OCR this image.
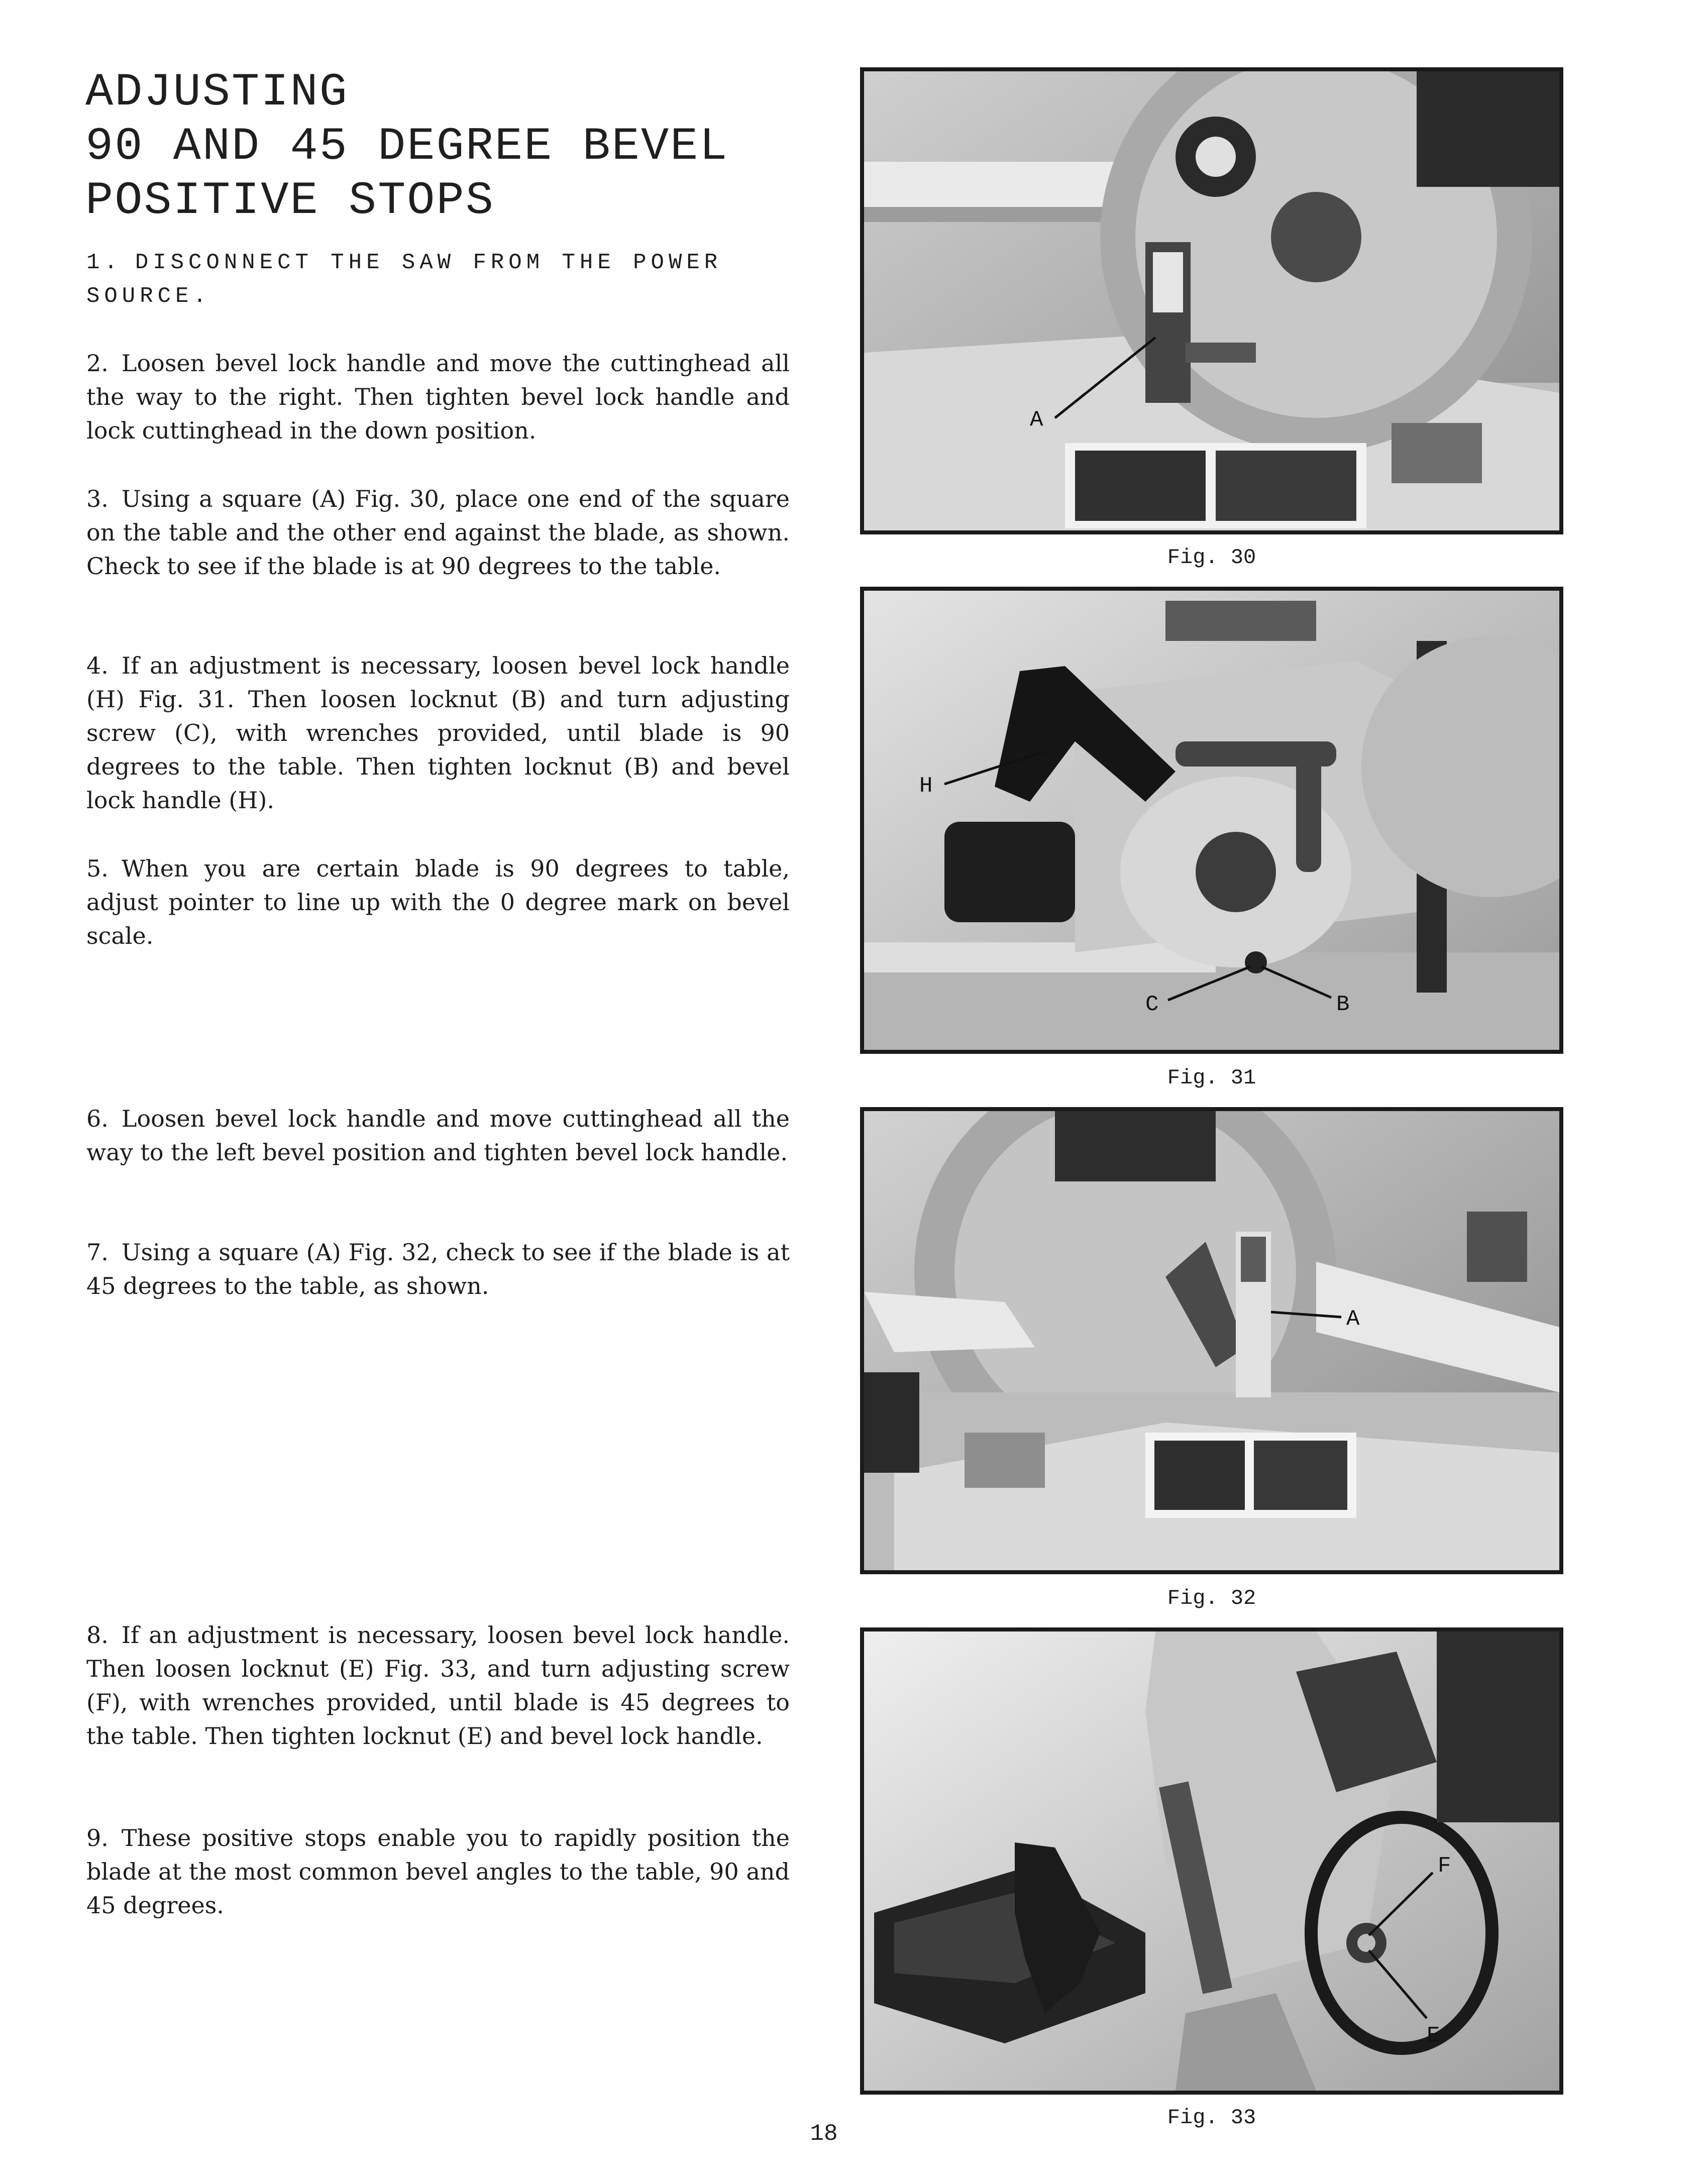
ADJUSTING
90 AND 45 DEGREE BEVEL
POSITIVE STOPS

1. DISCONNECT THE SAW FROM THE POWER SOURCE.

2. Loosen bevel lock handle and move the cuttinghead all the way to the right. Then tighten bevel lock handle and lock cuttinghead in the down position.

3. Using a square (A) Fig. 30, place one end of the square on the table and the other end against the blade, as shown. Check to see if the blade is at 90 degrees to the table.

4. If an adjustment is necessary, loosen bevel lock handle (H) Fig. 31. Then loosen locknut (B) and turn adjusting screw (C), with wrenches provided, until blade is 90 degrees to the table. Then tighten locknut (B) and bevel lock handle (H).

5. When you are certain blade is 90 degrees to table, adjust pointer to line up with the 0 degree mark on bevel scale.

6. Loosen bevel lock handle and move cuttinghead all the way to the left bevel position and tighten bevel lock handle.

7. Using a square (A) Fig. 32, check to see if the blade is at 45 degrees to the table, as shown.

8. If an adjustment is necessary, loosen bevel lock handle. Then loosen locknut (E) Fig. 33, and turn adjusting screw (F), with wrenches provided, until blade is 45 degrees to the table. Then tighten locknut (E) and bevel lock handle.

9. These positive stops enable you to rapidly position the blade at the most common bevel angles to the table, 90 and 45 degrees.

A

Fig. 30

H
C	B

Fig. 31

A

Fig. 32

F
E

Fig. 33

18
